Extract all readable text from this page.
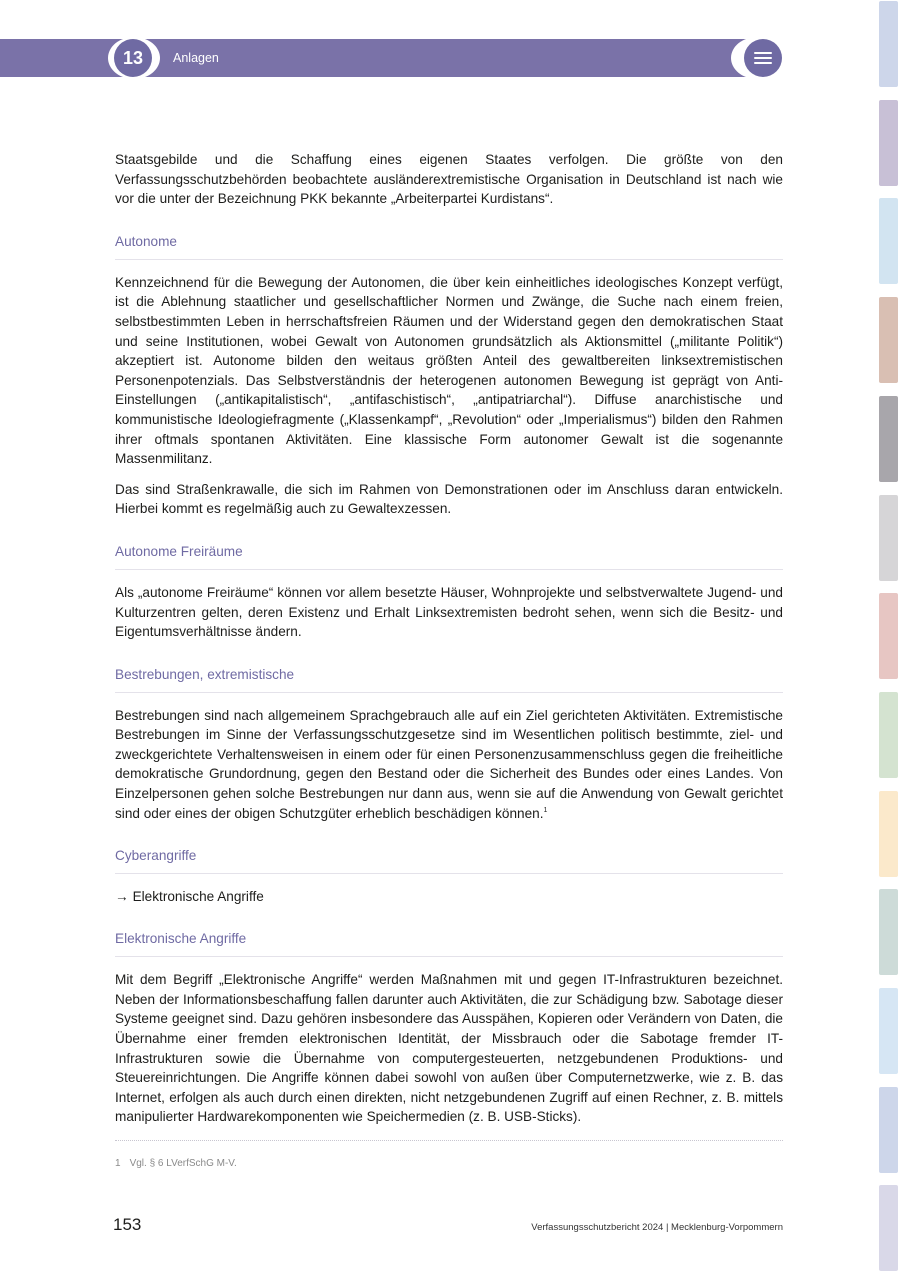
13	Anlagen

Staatsgebilde und die Schaffung eines eigenen Staates verfolgen. Die größte von den Verfassungsschutzbehörden beobachtete ausländerextremistische Organisation in Deutschland ist nach wie vor die unter der Bezeichnung PKK bekannte „Arbeiterpartei Kurdistans“.

Autonome

Kennzeichnend für die Bewegung der Autonomen, die über kein einheitliches ideologisches Konzept verfügt, ist die Ablehnung staatlicher und gesellschaftlicher Normen und Zwänge, die Suche nach einem freien, selbstbestimmten Leben in herrschaftsfreien Räumen und der Widerstand gegen den demokratischen Staat und seine Institutionen, wobei Gewalt von Autonomen grundsätzlich als Aktionsmittel („militante Politik“) akzeptiert ist. Autonome bilden den weitaus größten Anteil des gewaltbereiten linksextremistischen Personenpotenzials. Das Selbstverständnis der heterogenen autonomen Bewegung ist geprägt von Anti-Einstellungen („antikapitalistisch“, „antifaschistisch“, „antipatriarchal“). Diffuse anarchistische und kommunistische Ideologiefragmente („Klassenkampf“, „Revolution“ oder „Imperialismus“) bilden den Rahmen ihrer oftmals spontanen Aktivitäten. Eine klassische Form autonomer Gewalt ist die sogenannte Massenmilitanz.

Das sind Straßenkrawalle, die sich im Rahmen von Demonstrationen oder im Anschluss daran entwickeln. Hierbei kommt es regelmäßig auch zu Gewaltexzessen.

Autonome Freiräume

Als „autonome Freiräume“ können vor allem besetzte Häuser, Wohnprojekte und selbstverwaltete Jugend- und Kulturzentren gelten, deren Existenz und Erhalt Linksextremisten bedroht sehen, wenn sich die Besitz- und Eigentumsverhältnisse ändern.

Bestrebungen, extremistische

Bestrebungen sind nach allgemeinem Sprachgebrauch alle auf ein Ziel gerichteten Aktivitäten. Extremistische Bestrebungen im Sinne der Verfassungsschutzgesetze sind im Wesentlichen politisch bestimmte, ziel- und zweckgerichtete Verhaltensweisen in einem oder für einen Personenzusammenschluss gegen die freiheitliche demokratische Grundordnung, gegen den Bestand oder die Sicherheit des Bundes oder eines Landes. Von Einzelpersonen gehen solche Bestrebungen nur dann aus, wenn sie auf die Anwendung von Gewalt gerichtet sind oder eines der obigen Schutzgüter erheblich beschädigen können.$^1$

Cyberangriffe
→ Elektronische Angriffe
Elektronische Angriffe

Mit dem Begriff „Elektronische Angriffe“ werden Maßnahmen mit und gegen IT-Infrastrukturen bezeichnet. Neben der Informationsbeschaffung fallen darunter auch Aktivitäten, die zur Schädigung bzw. Sabotage dieser Systeme geeignet sind. Dazu gehören insbesondere das Ausspähen, Kopieren oder Verändern von Daten, die Übernahme einer fremden elektronischen Identität, der Missbrauch oder die Sabotage fremder IT-Infrastrukturen sowie die Übernahme von computergesteuerten, netzgebundenen Produktions- und Steuereinrichtungen. Die Angriffe können dabei sowohl von außen über Computernetzwerke, wie z. B. das Internet, erfolgen als auch durch einen direkten, nicht netzgebundenen Zugriff auf einen Rechner, z. B. mittels manipulierter Hardwarekomponenten wie Speichermedien (z. B. USB-Sticks).

1 Vgl. § 6 LVerfSchG M-V.
153	Verfassungsschutzbericht 2024 | Mecklenburg-Vorpommern
